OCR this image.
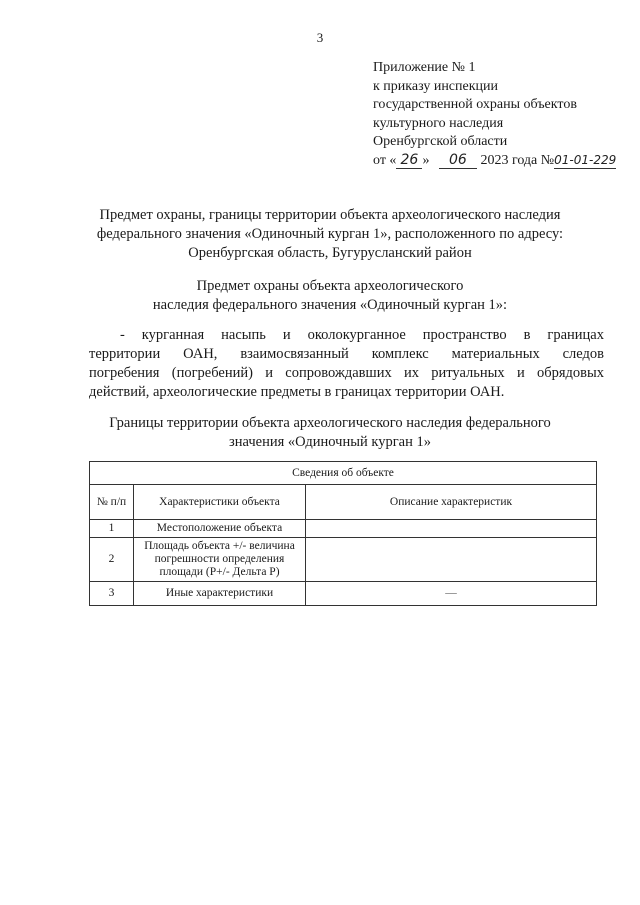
3
Приложение № 1
к приказу инспекции
государственной охраны объектов
культурного наследия
Оренбургской области
от « 26 » 06 2023 года №01-01-229
Предмет охраны, границы территории объекта археологического наследия
федерального значения «Одиночный курган 1», расположенного по адресу:
Оренбургская область, Бугурусланский район
Предмет охраны объекта археологического
наследия федерального значения «Одиночный курган 1»:
- курганная насыпь и околокурганное пространство в границах
территории ОАН, взаимосвязанный комплекс материальных следов
погребения (погребений) и сопровождавших их ритуальных и обрядовых
действий, археологические предметы в границах территории ОАН.
Границы территории объекта археологического наследия федерального
значения «Одиночный курган 1»
Сведения об объекте		
№ п/п	Характеристики объекта	Описание характеристик
1	Местоположение объекта	
2	Площадь объекта +/- величина погрешности определения площади (Р+/- Дельта Р)	
3	Иные характеристики	—
